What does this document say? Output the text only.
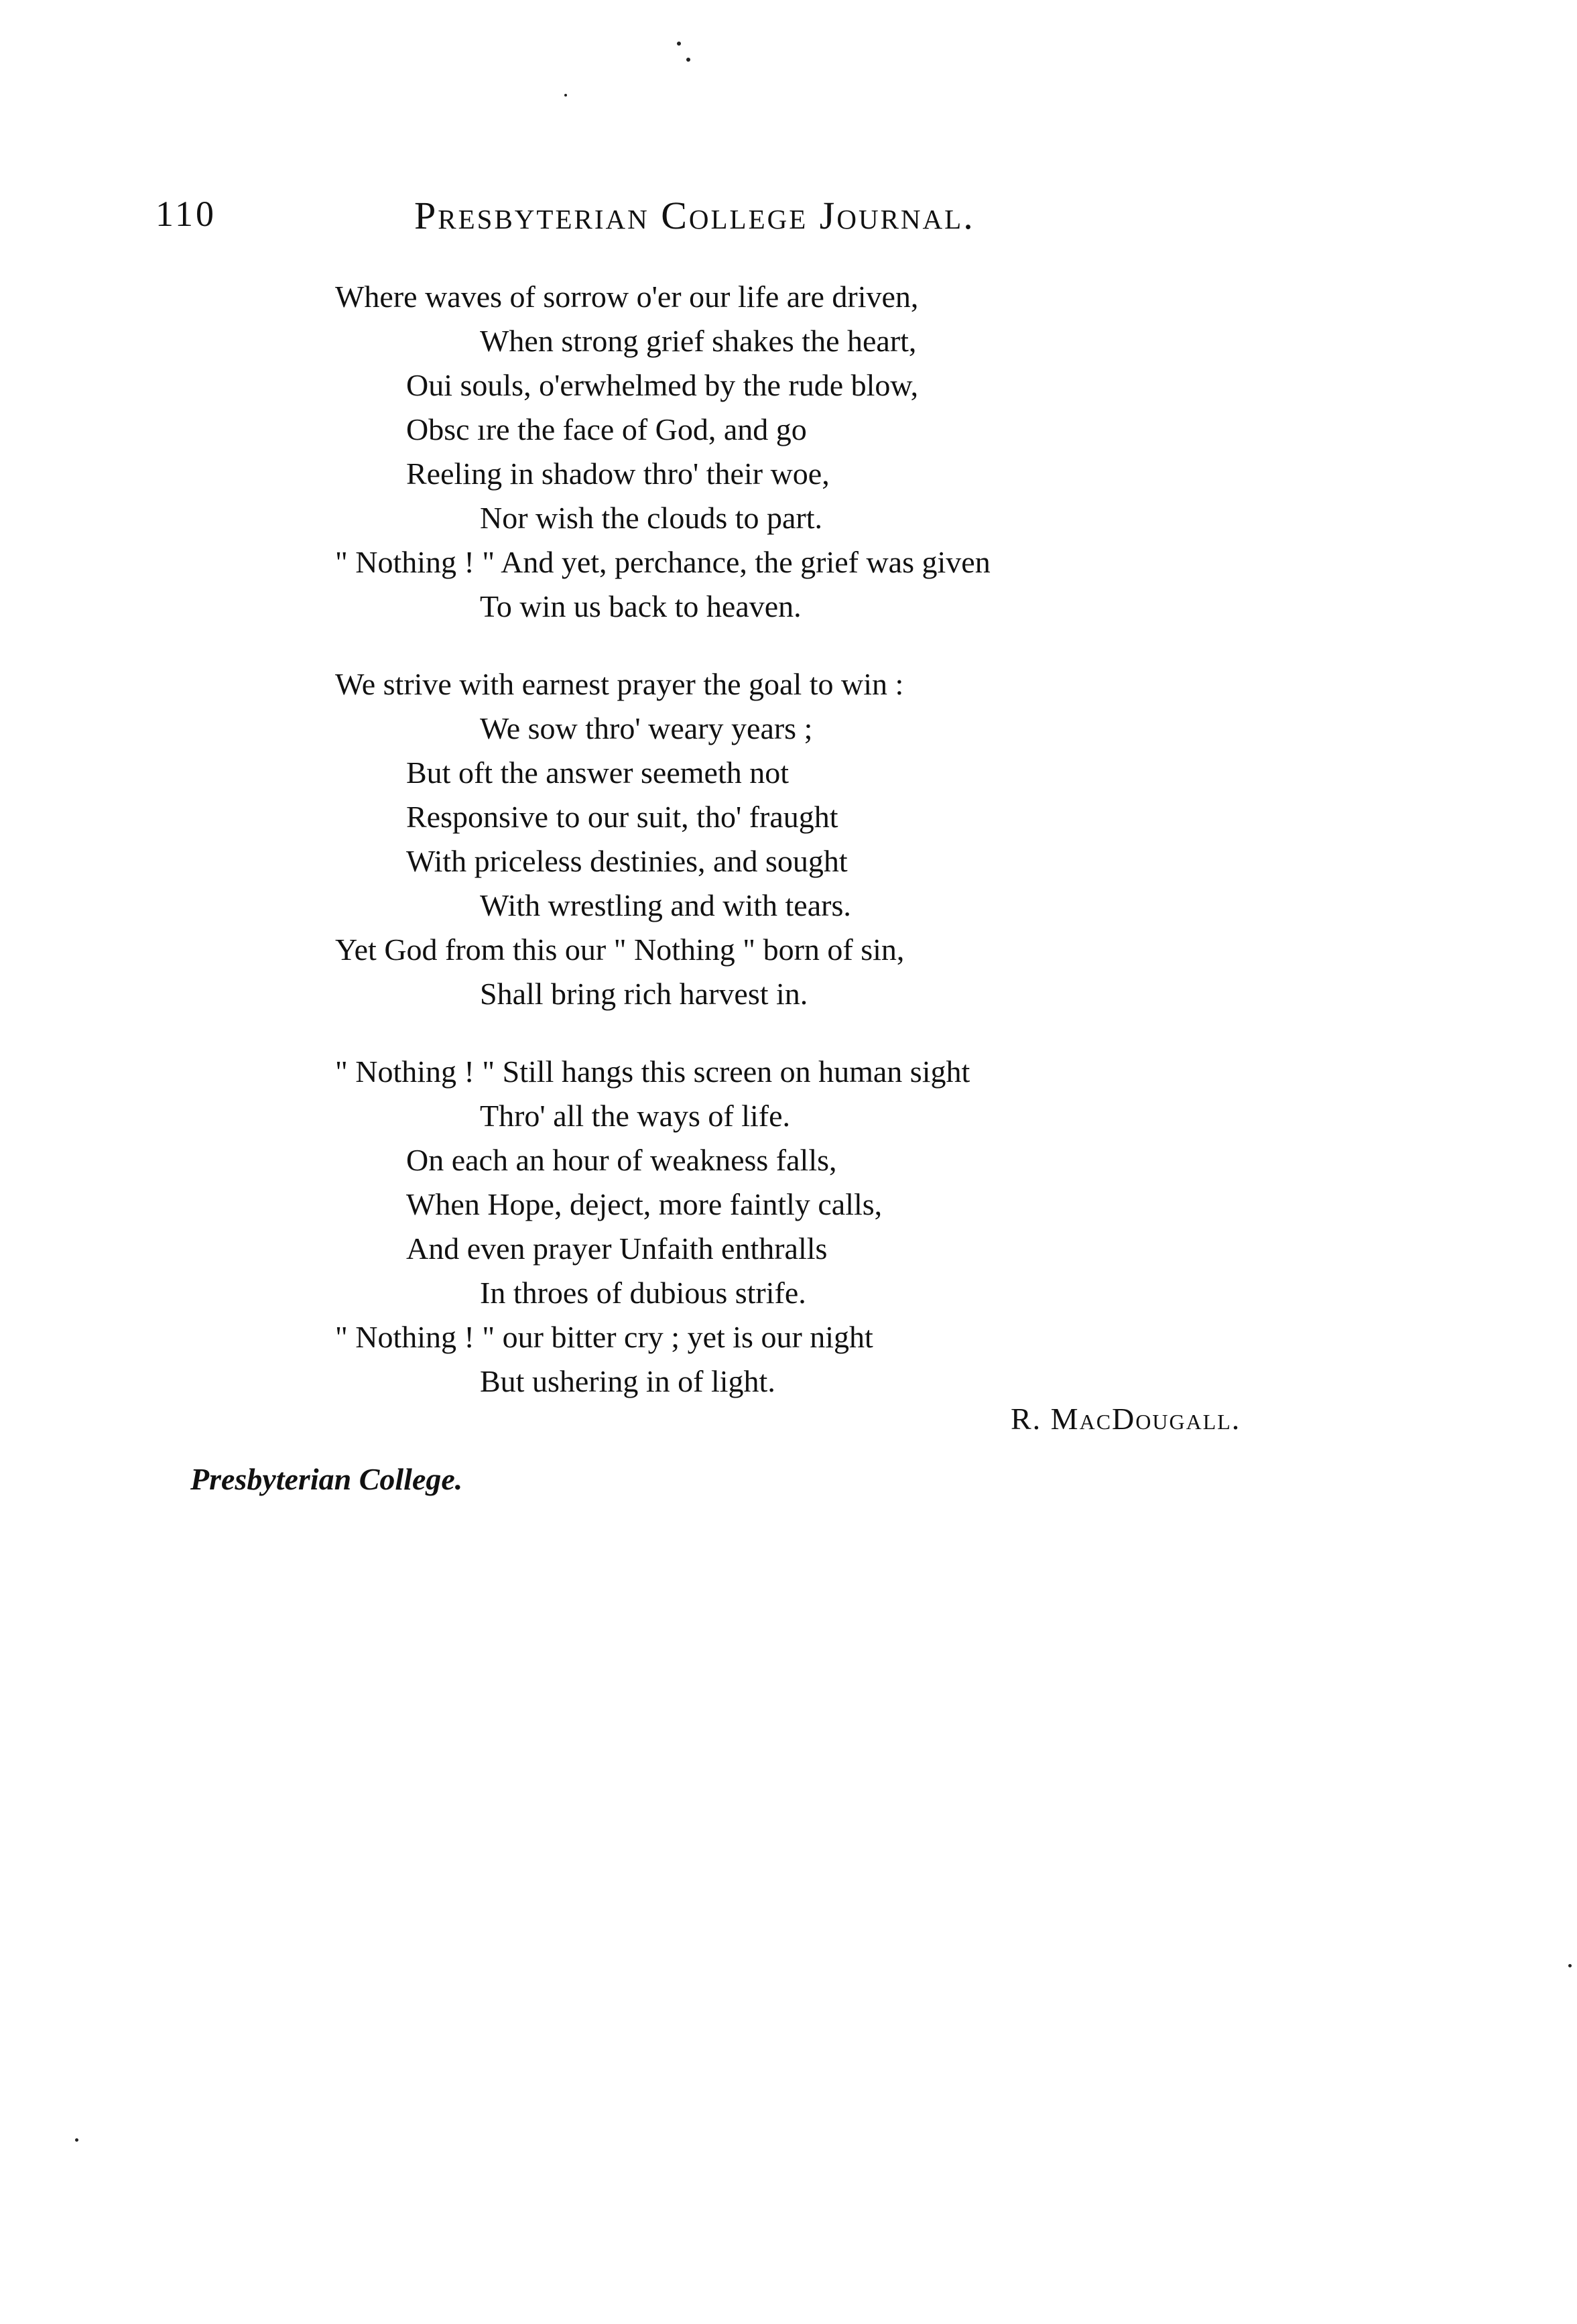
110	Presbyterian College Journal.
Where waves of sorrow o'er our life are driven,
When strong grief shakes the heart,
Oui souls, o'erwhelmed by the rude blow,
Obsc ıre the face of God, and go
Reeling in shadow thro' their woe,
Nor wish the clouds to part.
" Nothing ! " And yet, perchance, the grief was given
To win us back to heaven.
We strive with earnest prayer the goal to win :
We sow thro' weary years ;
But oft the answer seemeth not
Responsive to our suit, tho' fraught
With priceless destinies, and sought
With wrestling and with tears.
Yet God from this our " Nothing " born of sin,
Shall bring rich harvest in.
" Nothing ! " Still hangs this screen on human sight
Thro' all the ways of life.
On each an hour of weakness falls,
When Hope, deject, more faintly calls,
And even prayer Unfaith enthralls
In throes of dubious strife.
" Nothing ! " our bitter cry ; yet is our night
But ushering in of light.
R. MacDougall.
Presbyterian College.
